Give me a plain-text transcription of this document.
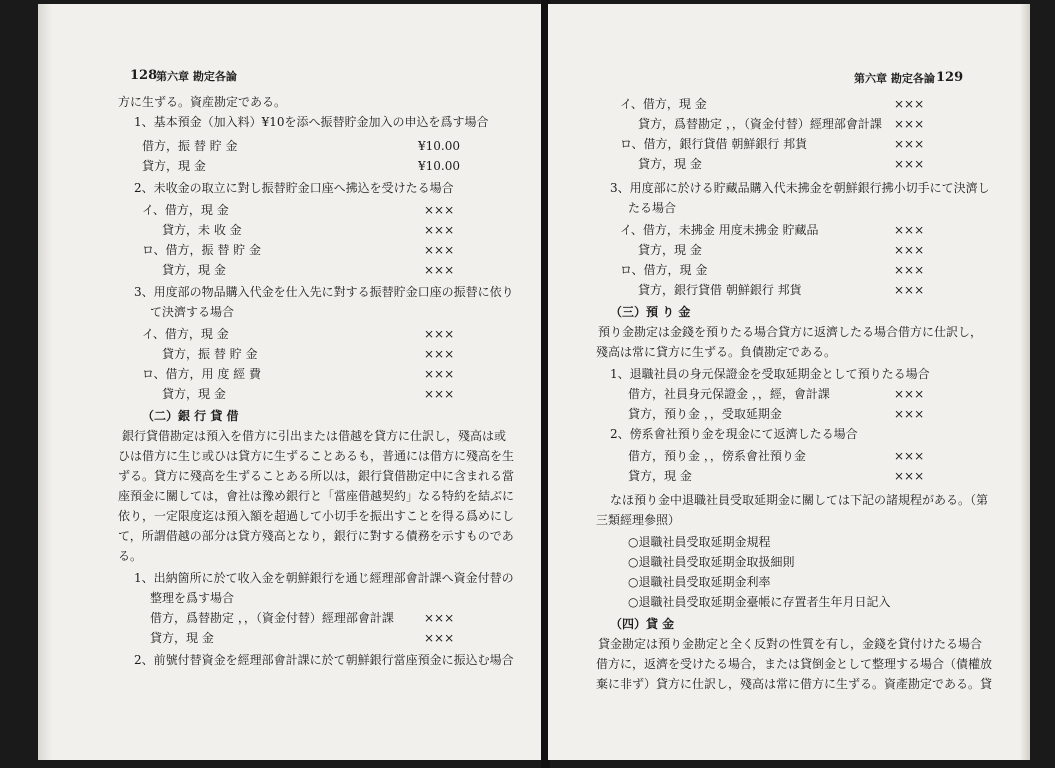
128
第六章 勘定各論
方に生ずる。資産勘定である。
1、基本預金（加入料）¥10を添へ振替貯金加入の申込を爲す場合
借方，振 替 貯 金
貸方，現 金
2、未收金の取立に對し振替貯金口座へ拂込を受けたる場合
イ、借方，現 金
貸方，未 收 金
ロ、借方，振 替 貯 金
貸方，現 金
3、用度部の物品購入代金を仕入先に對する振替貯金口座の振替に依り
て決濟する場合
イ、借方，現 金
貸方，振 替 貯 金
ロ、借方，用 度 經 費
貸方，現 金
（二）銀 行 貸 借
銀行貸借勘定は預入を借方に引出または借越を貸方に仕訳し，殘高は或
ひは借方に生じ或ひは貸方に生ずることあるも，普通には借方に殘高を生
ずる。貸方に殘高を生ずることある所以は，銀行貸借勘定中に含まれる當
座預金に關しては，會社は豫め銀行と「當座借越契約」なる特約を結ぶに
依り，一定限度迄は預入額を超過して小切手を振出すことを得る爲めにし
て，所謂借越の部分は貸方殘高となり，銀行に對する債務を示すものであ
る。
1、出納箇所に於て收入金を朝鮮銀行を通じ經理部會計課へ資金付替の
整理を爲す場合
借方，爲替勘定 ，，（資金付替）經理部會計課
貸方，現 金
2、前號付替資金を經理部會計課に於て朝鮮銀行當座預金に振込む場合
¥10.00
¥10.00
×××
×××
×××
×××
×××
×××
×××
×××
×××
×××
第六章 勘定各論 129
イ、借方，現 金
貸方，爲替勘定 ，，（資金付替）經理部會計課
ロ、借方，銀行貸借 朝鮮銀行 邦貨
貸方，現 金
3、用度部に於ける貯藏品購入代未拂金を朝鮮銀行拂小切手にて決濟し
たる場合
イ、借方，未拂金 用度未拂金 貯藏品
貸方，現 金
ロ、借方，現 金
貸方，銀行貸借 朝鮮銀行 邦貨
（三）預 り 金
預り金勘定は金錢を預りたる場合貸方に返濟したる場合借方に仕訳し，
殘高は常に貸方に生ずる。負債勘定である。
1、退職社員の身元保證金を受取延期金として預りたる場合
借方，社員身元保證金 ，，經，會計課
貸方，預り金 ，，受取延期金
2、傍系會社預り金を現金にて返濟したる場合
借方，預り金 ，，傍系會社預り金
貸方，現 金
なほ預り金中退職社員受取延期金に關しては下記の諸規程がある。（第
三類經理參照）
○退職社員受取延期金規程
○退職社員受取延期金取扱細則
○退職社員受取延期金利率
○退職社員受取延期金臺帳に存置者生年月日記入
（四）貸 金
貸金勘定は預り金勘定と全く反對の性質を有し，金錢を貸付けたる場合
借方に，返濟を受けたる場合，または貸倒金として整理する場合（債權放
棄に非ず）貸方に仕訳し，殘高は常に借方に生ずる。資產勘定である。貸
×××
×××
×××
×××
×××
×××
×××
×××
×××
×××
×××
×××
